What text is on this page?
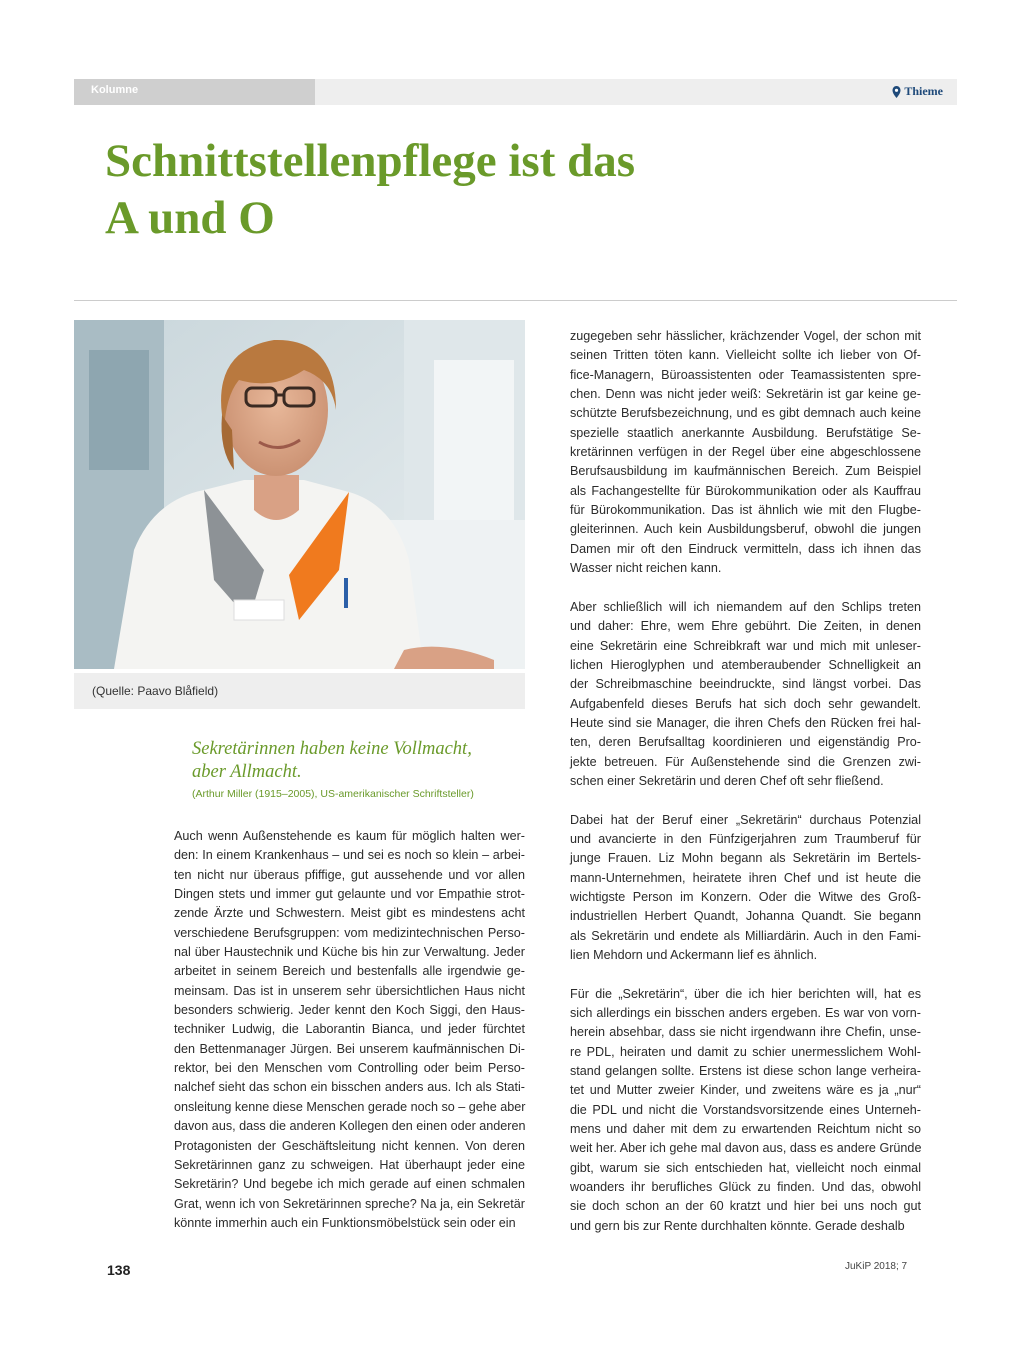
Kolumne	Thieme
Schnittstellenpflege ist das
A und O
(Quelle: Paavo Blåfield)
Sekretärinnen haben keine Vollmacht,
aber Allmacht.
(Arthur Miller (1915–2005), US-amerikanischer Schriftsteller)
Auch wenn Außenstehende es kaum für möglich halten wer-
den: In einem Krankenhaus – und sei es noch so klein – arbei-
ten nicht nur überaus pfiffige, gut aussehende und vor allen
Dingen stets und immer gut gelaunte und vor Empathie strot-
zende Ärzte und Schwestern. Meist gibt es mindestens acht
verschiedene Berufsgruppen: vom medizintechnischen Perso-
nal über Haustechnik und Küche bis hin zur Verwaltung. Jeder
arbeitet in seinem Bereich und bestenfalls alle irgendwie ge-
meinsam. Das ist in unserem sehr übersichtlichen Haus nicht
besonders schwierig. Jeder kennt den Koch Siggi, den Haus-
techniker Ludwig, die Laborantin Bianca, und jeder fürchtet
den Bettenmanager Jürgen. Bei unserem kaufmännischen Di-
rektor, bei den Menschen vom Controlling oder beim Perso-
nalchef sieht das schon ein bisschen anders aus. Ich als Stati-
onsleitung kenne diese Menschen gerade noch so – gehe aber
davon aus, dass die anderen Kollegen den einen oder anderen
Protagonisten der Geschäftsleitung nicht kennen. Von deren
Sekretärinnen ganz zu schweigen. Hat überhaupt jeder eine
Sekretärin? Und begebe ich mich gerade auf einen schmalen
Grat, wenn ich von Sekretärinnen spreche? Na ja, ein Sekretär
könnte immerhin auch ein Funktionsmöbelstück sein oder ein
zugegeben sehr hässlicher, krächzender Vogel, der schon mit
seinen Tritten töten kann. Vielleicht sollte ich lieber von Of-
fice-Managern, Büroassistenten oder Teamassistenten spre-
chen. Denn was nicht jeder weiß: Sekretärin ist gar keine ge-
schützte Berufsbezeichnung, und es gibt demnach auch keine
spezielle staatlich anerkannte Ausbildung. Berufstätige Se-
kretärinnen verfügen in der Regel über eine abgeschlossene
Berufsausbildung im kaufmännischen Bereich. Zum Beispiel
als Fachangestellte für Bürokommunikation oder als Kauffrau
für Bürokommunikation. Das ist ähnlich wie mit den Flugbe-
gleiterinnen. Auch kein Ausbildungsberuf, obwohl die jungen
Damen mir oft den Eindruck vermitteln, dass ich ihnen das
Wasser nicht reichen kann.
Aber schließlich will ich niemandem auf den Schlips treten
und daher: Ehre, wem Ehre gebührt. Die Zeiten, in denen
eine Sekretärin eine Schreibkraft war und mich mit unleser-
lichen Hieroglyphen und atemberaubender Schnelligkeit an
der Schreibmaschine beeindruckte, sind längst vorbei. Das
Aufgabenfeld dieses Berufs hat sich doch sehr gewandelt.
Heute sind sie Manager, die ihren Chefs den Rücken frei hal-
ten, deren Berufsalltag koordinieren und eigenständig Pro-
jekte betreuen. Für Außenstehende sind die Grenzen zwi-
schen einer Sekretärin und deren Chef oft sehr fließend.
Dabei hat der Beruf einer „Sekretärin“ durchaus Potenzial
und avancierte in den Fünfzigerjahren zum Traumberuf für
junge Frauen. Liz Mohn begann als Sekretärin im Bertels-
mann-Unternehmen, heiratete ihren Chef und ist heute die
wichtigste Person im Konzern. Oder die Witwe des Groß-
industriellen Herbert Quandt, Johanna Quandt. Sie begann
als Sekretärin und endete als Milliardärin. Auch in den Fami-
lien Mehdorn und Ackermann lief es ähnlich.
Für die „Sekretärin“, über die ich hier berichten will, hat es
sich allerdings ein bisschen anders ergeben. Es war von vorn-
herein absehbar, dass sie nicht irgendwann ihre Chefin, unse-
re PDL, heiraten und damit zu schier unermesslichem Wohl-
stand gelangen sollte. Erstens ist diese schon lange verheira-
tet und Mutter zweier Kinder, und zweitens wäre es ja „nur“
die PDL und nicht die Vorstandsvorsitzende eines Unterneh-
mens und daher mit dem zu erwartenden Reichtum nicht so
weit her. Aber ich gehe mal davon aus, dass es andere Gründe
gibt, warum sie sich entschieden hat, vielleicht noch einmal
woanders ihr berufliches Glück zu finden. Und das, obwohl
sie doch schon an der 60 kratzt und hier bei uns noch gut
und gern bis zur Rente durchhalten könnte. Gerade deshalb
138	JuKiP 2018; 7
